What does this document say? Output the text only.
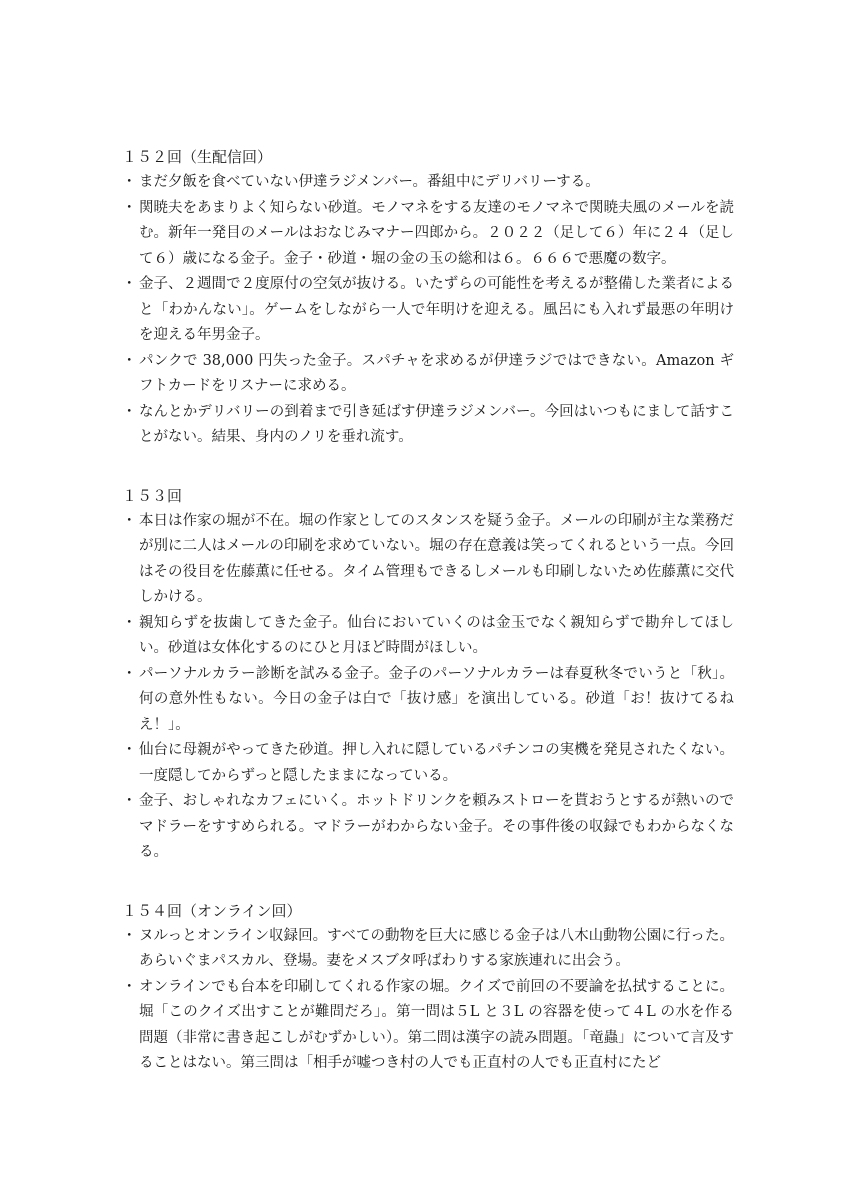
１５２回（生配信回）
・ まだ夕飯を食べていない伊達ラジメンバー。番組中にデリバリーする。
・ 関暁夫をあまりよく知らない砂道。モノマネをする友達のモノマネで関暁夫風のメールを読む。新年一発目のメールはおなじみマナー四郎から。２０２２（足して６）年に２４（足して６）歳になる金子。金子・砂道・堀の金の玉の総和は６。６６６で悪魔の数字。
・ 金子、２週間で２度原付の空気が抜ける。いたずらの可能性を考えるが整備した業者によると「わかんない」。ゲームをしながら一人で年明けを迎える。風呂にも入れず最悪の年明けを迎える年男金子。
・ パンクで 38,000 円失った金子。スパチャを求めるが伊達ラジではできない。Amazon ギフトカードをリスナーに求める。
・ なんとかデリバリーの到着まで引き延ばす伊達ラジメンバー。今回はいつもにまして話すことがない。結果、身内のノリを垂れ流す。
１５３回
・ 本日は作家の堀が不在。堀の作家としてのスタンスを疑う金子。メールの印刷が主な業務だが別に二人はメールの印刷を求めていない。堀の存在意義は笑ってくれるという一点。今回はその役目を佐藤薫に任せる。タイム管理もできるしメールも印刷しないため佐藤薫に交代しかける。
・ 親知らずを抜歯してきた金子。仙台においていくのは金玉でなく親知らずで勘弁してほしい。砂道は女体化するのにひと月ほど時間がほしい。
・ パーソナルカラー診断を試みる金子。金子のパーソナルカラーは春夏秋冬でいうと「秋」。何の意外性もない。今日の金子は白で「抜け感」を演出している。砂道「お！抜けてるねえ！」。
・ 仙台に母親がやってきた砂道。押し入れに隠しているパチンコの実機を発見されたくない。一度隠してからずっと隠したままになっている。
・ 金子、おしゃれなカフェにいく。ホットドリンクを頼みストローを貰おうとするが熱いのでマドラーをすすめられる。マドラーがわからない金子。その事件後の収録でもわからなくなる。
１５４回（オンライン回）
・ ヌルっとオンライン収録回。すべての動物を巨大に感じる金子は八木山動物公園に行った。あらいぐまパスカル、登場。妻をメスブタ呼ばわりする家族連れに出会う。
・ オンラインでも台本を印刷してくれる作家の堀。クイズで前回の不要論を払拭することに。堀「このクイズ出すことが難問だろ」。第一問は５L と３L の容器を使って４L の水を作る問題（非常に書き起こしがむずかしい）。第二問は漢字の読み問題。「竜蟲」について言及することはない。第三問は「相手が嘘つき村の人でも正直村の人でも正直村にたど
